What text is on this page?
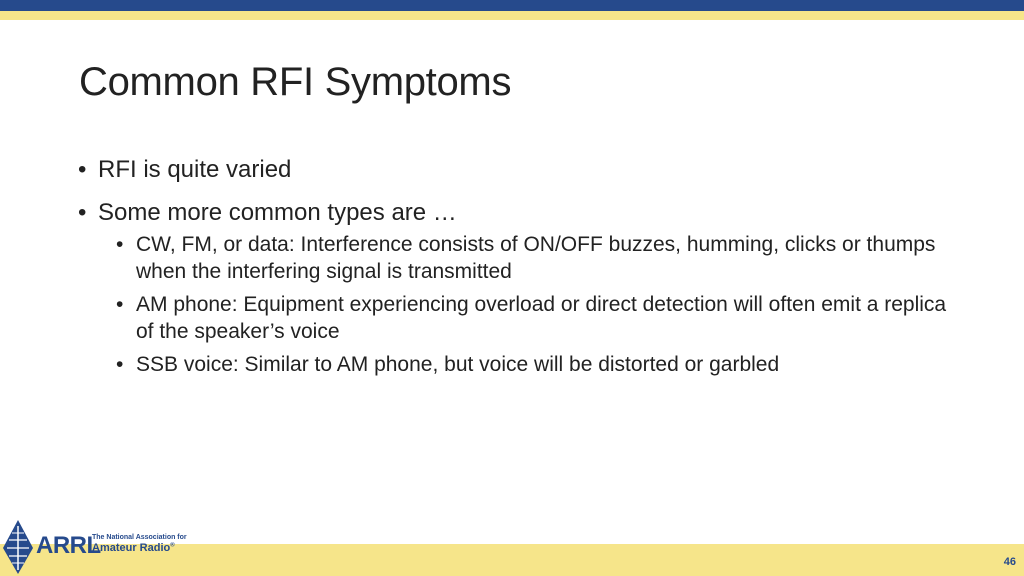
Common RFI Symptoms
• RFI is quite varied
• Some more common types are …
• CW, FM, or data: Interference consists of ON/OFF buzzes, humming, clicks or thumps when the interfering signal is transmitted
• AM phone: Equipment experiencing overload or direct detection will often emit a replica of the speaker’s voice
• SSB voice: Similar to AM phone, but voice will be distorted or garbled
ARRL
The National Association for
Amateur Radio®
46
